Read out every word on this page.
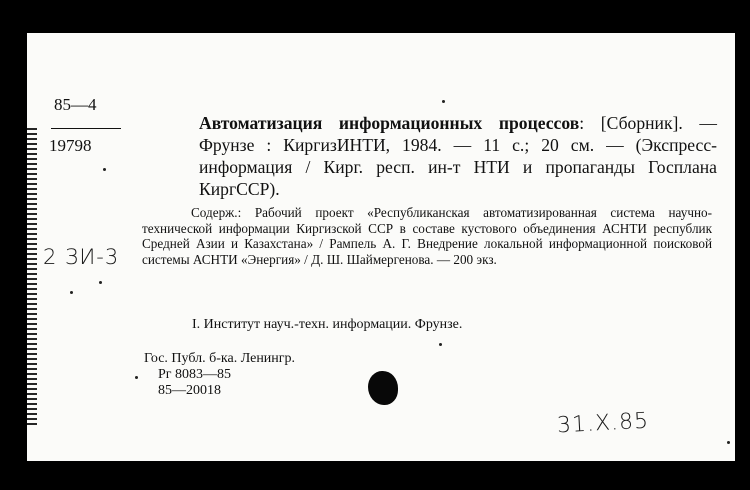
85—4
19798
2 ЗИ-3
Автоматизация информационных процессов: [Сборник]. — Фрунзе : КиргизИНТИ, 1984. — 11 с.; 20 см. — (Экспресс-информация / Кирг. респ. ин-т НТИ и пропаганды Госплана КиргССР).
Содерж.: Рабочий проект «Республиканская автоматизированная система научно-технической информации Киргизской ССР в составе кустового объединения АСНТИ республик Средней Азии и Казахстана» / Рампель А. Г. Внедрение локальной информационной поисковой системы АСНТИ «Энергия» / Д. Ш. Шаймергенова. — 200 экз.
I. Институт науч.-техн. информации. Фрунзе.
Гос. Публ. б-ка. Ленингр.
Рг 8083—85
85—20018
31.X.85
